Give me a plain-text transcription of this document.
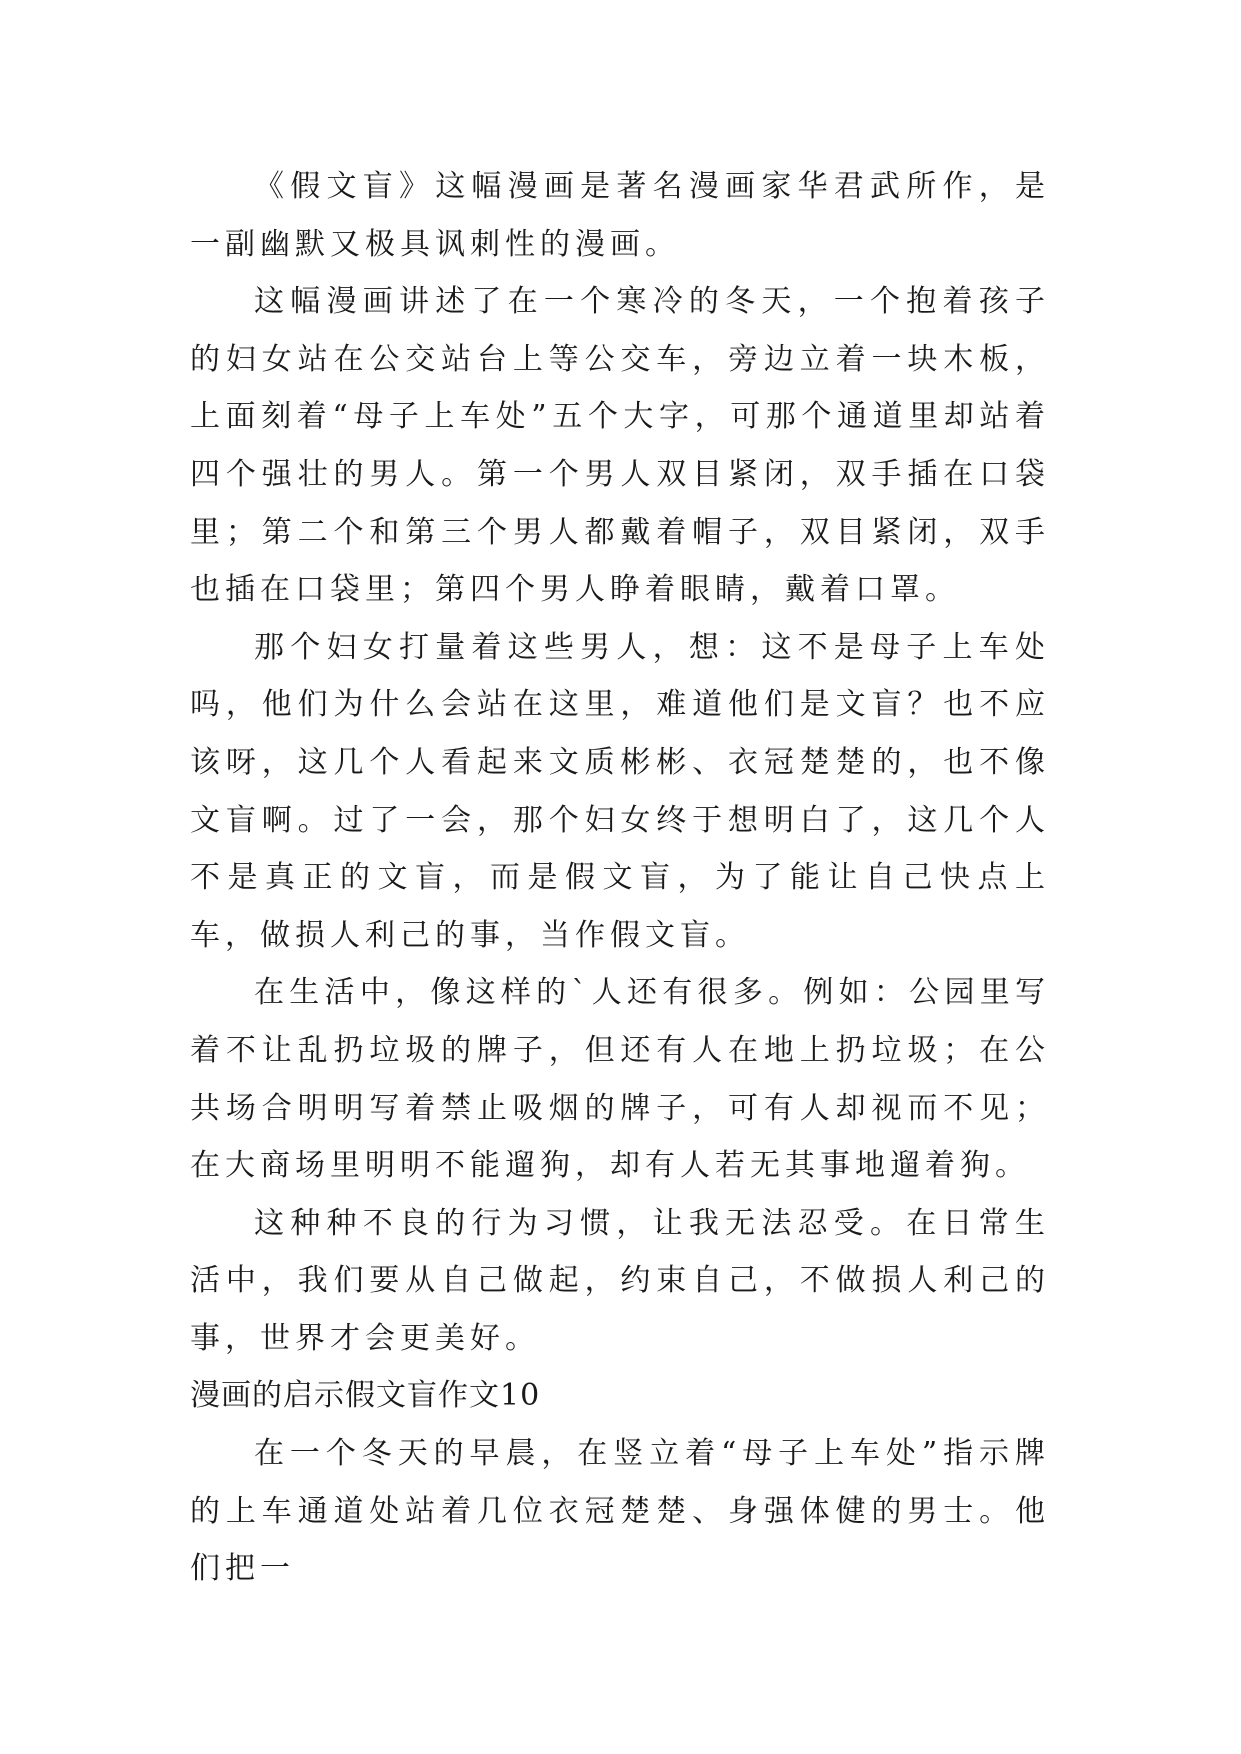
《假文盲》这幅漫画是著名漫画家华君武所作，是一副幽默又极具讽刺性的漫画。

这幅漫画讲述了在一个寒冷的冬天，一个抱着孩子的妇女站在公交站台上等公交车，旁边立着一块木板，上面刻着“母子上车处”五个大字，可那个通道里却站着四个强壮的男人。第一个男人双目紧闭，双手插在口袋里；第二个和第三个男人都戴着帽子，双目紧闭，双手也插在口袋里；第四个男人睁着眼睛，戴着口罩。

那个妇女打量着这些男人，想：这不是母子上车处吗，他们为什么会站在这里，难道他们是文盲？也不应该呀，这几个人看起来文质彬彬、衣冠楚楚的，也不像文盲啊。过了一会，那个妇女终于想明白了，这几个人不是真正的文盲，而是假文盲，为了能让自己快点上车，做损人利己的事，当作假文盲。

在生活中，像这样的`人还有很多。例如：公园里写着不让乱扔垃圾的牌子，但还有人在地上扔垃圾；在公共场合明明写着禁止吸烟的牌子，可有人却视而不见；在大商场里明明不能遛狗，却有人若无其事地遛着狗。

这种种不良的行为习惯，让我无法忍受。在日常生活中，我们要从自己做起，约束自己，不做损人利己的事，世界才会更美好。

漫画的启示假文盲作文10

在一个冬天的早晨，在竖立着“母子上车处”指示牌的上车通道处站着几位衣冠楚楚、身强体健的男士。他们把一
